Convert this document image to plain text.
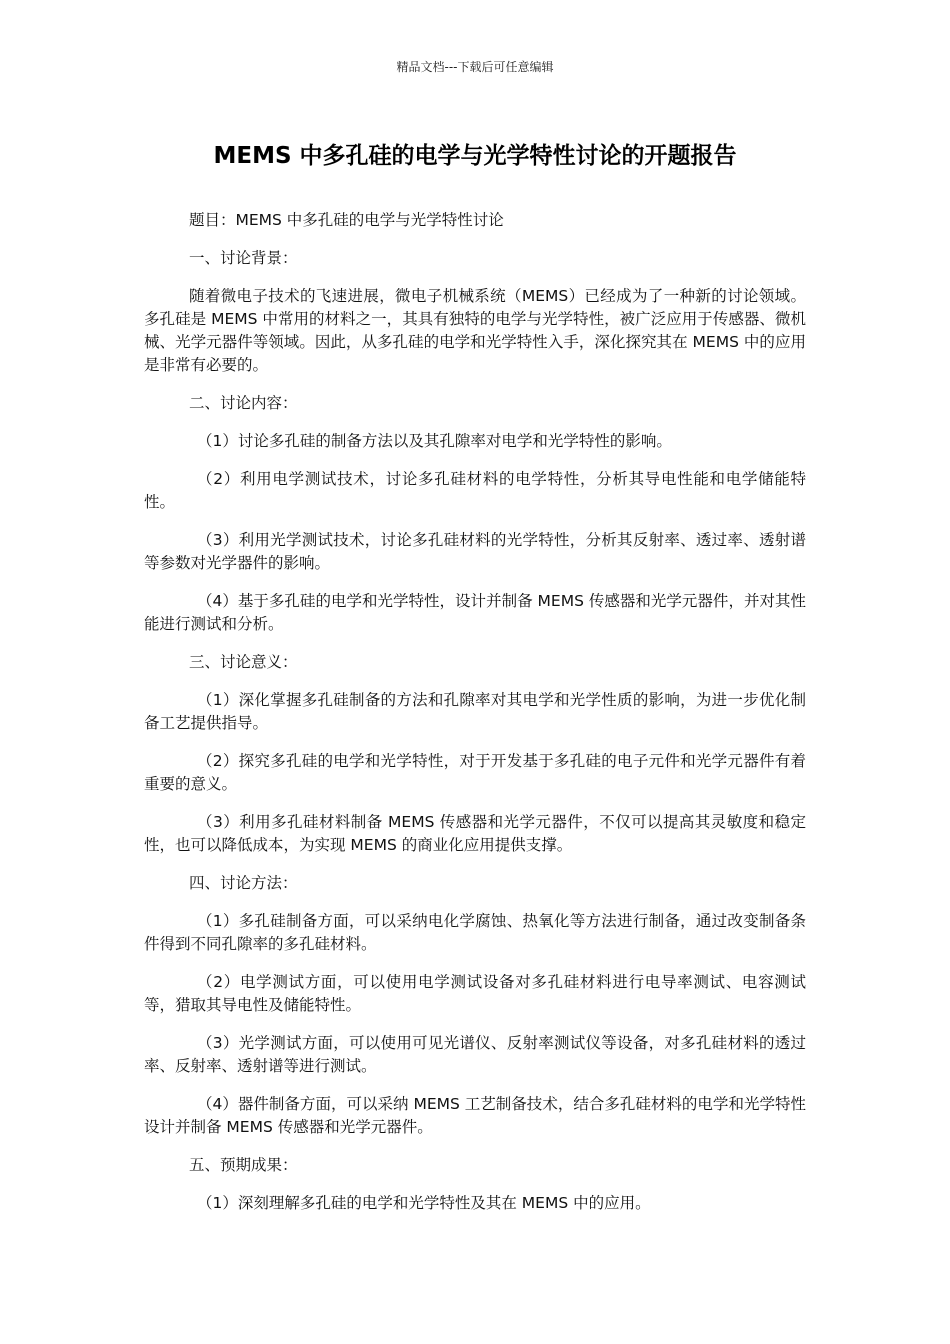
精品文档---下载后可任意编辑
MEMS 中多孔硅的电学与光学特性讨论的开题报告

题目：MEMS 中多孔硅的电学与光学特性讨论

一、讨论背景：

随着微电子技术的飞速进展，微电子机械系统（MEMS）已经成为了一种新的讨论领域。多孔硅是 MEMS 中常用的材料之一，其具有独特的电学与光学特性，被广泛应用于传感器、微机械、光学元器件等领域。因此，从多孔硅的电学和光学特性入手，深化探究其在 MEMS 中的应用是非常有必要的。

二、讨论内容：

（1）讨论多孔硅的制备方法以及其孔隙率对电学和光学特性的影响。

（2）利用电学测试技术，讨论多孔硅材料的电学特性，分析其导电性能和电学储能特性。

（3）利用光学测试技术，讨论多孔硅材料的光学特性，分析其反射率、透过率、透射谱等参数对光学器件的影响。

（4）基于多孔硅的电学和光学特性，设计并制备 MEMS 传感器和光学元器件，并对其性能进行测试和分析。

三、讨论意义：

（1）深化掌握多孔硅制备的方法和孔隙率对其电学和光学性质的影响，为进一步优化制备工艺提供指导。

（2）探究多孔硅的电学和光学特性，对于开发基于多孔硅的电子元件和光学元器件有着重要的意义。

（3）利用多孔硅材料制备 MEMS 传感器和光学元器件，不仅可以提高其灵敏度和稳定性，也可以降低成本，为实现 MEMS 的商业化应用提供支撑。

四、讨论方法：

（1）多孔硅制备方面，可以采纳电化学腐蚀、热氧化等方法进行制备，通过改变制备条件得到不同孔隙率的多孔硅材料。

（2）电学测试方面，可以使用电学测试设备对多孔硅材料进行电导率测试、电容测试等，猎取其导电性及储能特性。

（3）光学测试方面，可以使用可见光谱仪、反射率测试仪等设备，对多孔硅材料的透过率、反射率、透射谱等进行测试。

（4）器件制备方面，可以采纳 MEMS 工艺制备技术，结合多孔硅材料的电学和光学特性设计并制备 MEMS 传感器和光学元器件。

五、预期成果：

（1）深刻理解多孔硅的电学和光学特性及其在 MEMS 中的应用。
